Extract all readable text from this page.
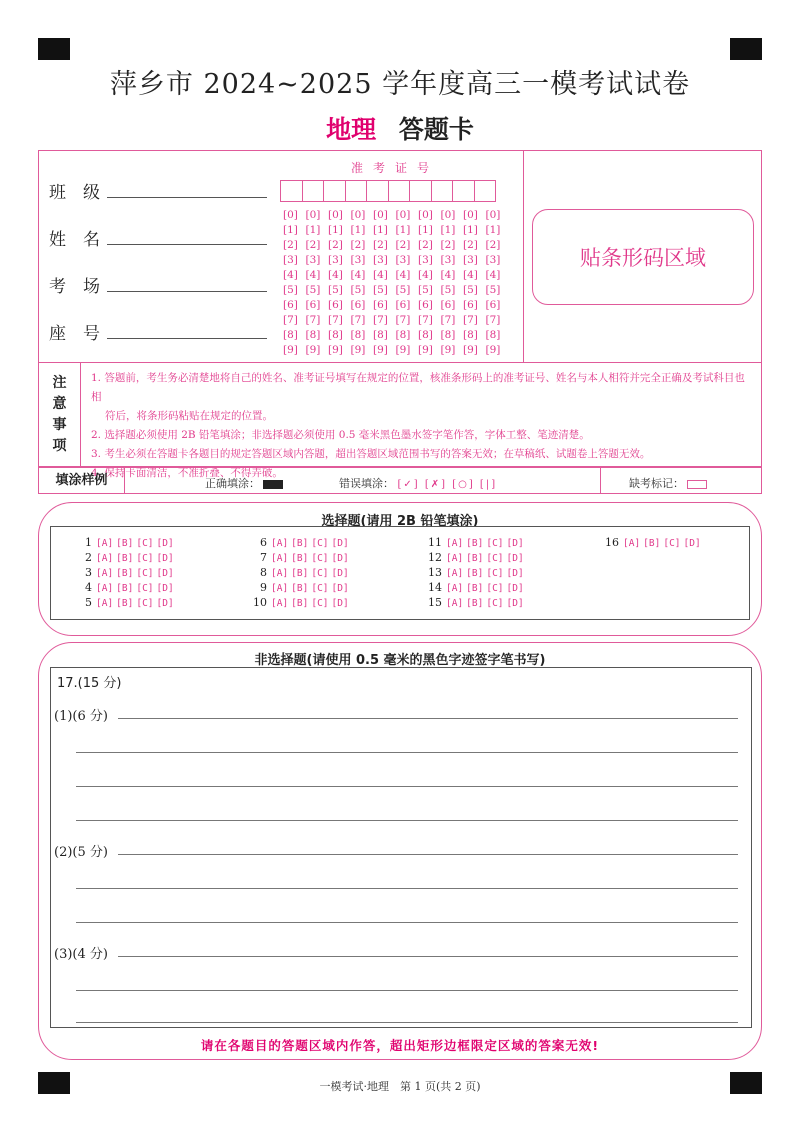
萍乡市 2024~2025 学年度高三一模考试试卷
地理 答题卡
班　级
姓　名
考　场
座　号
准考证号
[0] [0] [0] [0] [0] [0] [0] [0] [0] [0]
[1] [1] [1] [1] [1] [1] [1] [1] [1] [1]
[2] [2] [2] [2] [2] [2] [2] [2] [2] [2]
[3] [3] [3] [3] [3] [3] [3] [3] [3] [3]
[4] [4] [4] [4] [4] [4] [4] [4] [4] [4]
[5] [5] [5] [5] [5] [5] [5] [5] [5] [5]
[6] [6] [6] [6] [6] [6] [6] [6] [6] [6]
[7] [7] [7] [7] [7] [7] [7] [7] [7] [7]
[8] [8] [8] [8] [8] [8] [8] [8] [8] [8]
[9] [9] [9] [9] [9] [9] [9] [9] [9] [9]
贴条形码区域
注
意
事
项
1. 答题前，考生务必清楚地将自己的姓名、准考证号填写在规定的位置，核准条形码上的准考证号、姓名与本人相符并完全正确及考试科目也相
符后，将条形码粘贴在规定的位置。
2. 选择题必须使用 2B 铅笔填涂；非选择题必须使用 0.5 毫米黑色墨水签字笔作答，字体工整、笔迹清楚。
3. 考生必须在答题卡各题目的规定答题区域内答题，超出答题区域范围书写的答案无效；在草稿纸、试题卷上答题无效。
4. 保持卡面清洁，不准折叠、不得弄破。
填涂样例	正确填涂：	错误填涂： [✓] [✗] [○] [|]	缺考标记：
选择题(请用 2B 铅笔填涂)
1 [A] [B] [C] [D]
2 [A] [B] [C] [D]
3 [A] [B] [C] [D]
4 [A] [B] [C] [D]
5 [A] [B] [C] [D]
6 [A] [B] [C] [D]
7 [A] [B] [C] [D]
8 [A] [B] [C] [D]
9 [A] [B] [C] [D]
10 [A] [B] [C] [D]
11 [A] [B] [C] [D]
12 [A] [B] [C] [D]
13 [A] [B] [C] [D]
14 [A] [B] [C] [D]
15 [A] [B] [C] [D]
16 [A] [B] [C] [D]
非选择题(请使用 0.5 毫米的黑色字迹签字笔书写)
17.(15 分)
(1)(6 分)
(2)(5 分)
(3)(4 分)
请在各题目的答题区域内作答，超出矩形边框限定区域的答案无效!
一模考试·地理　第 1 页(共 2 页)
